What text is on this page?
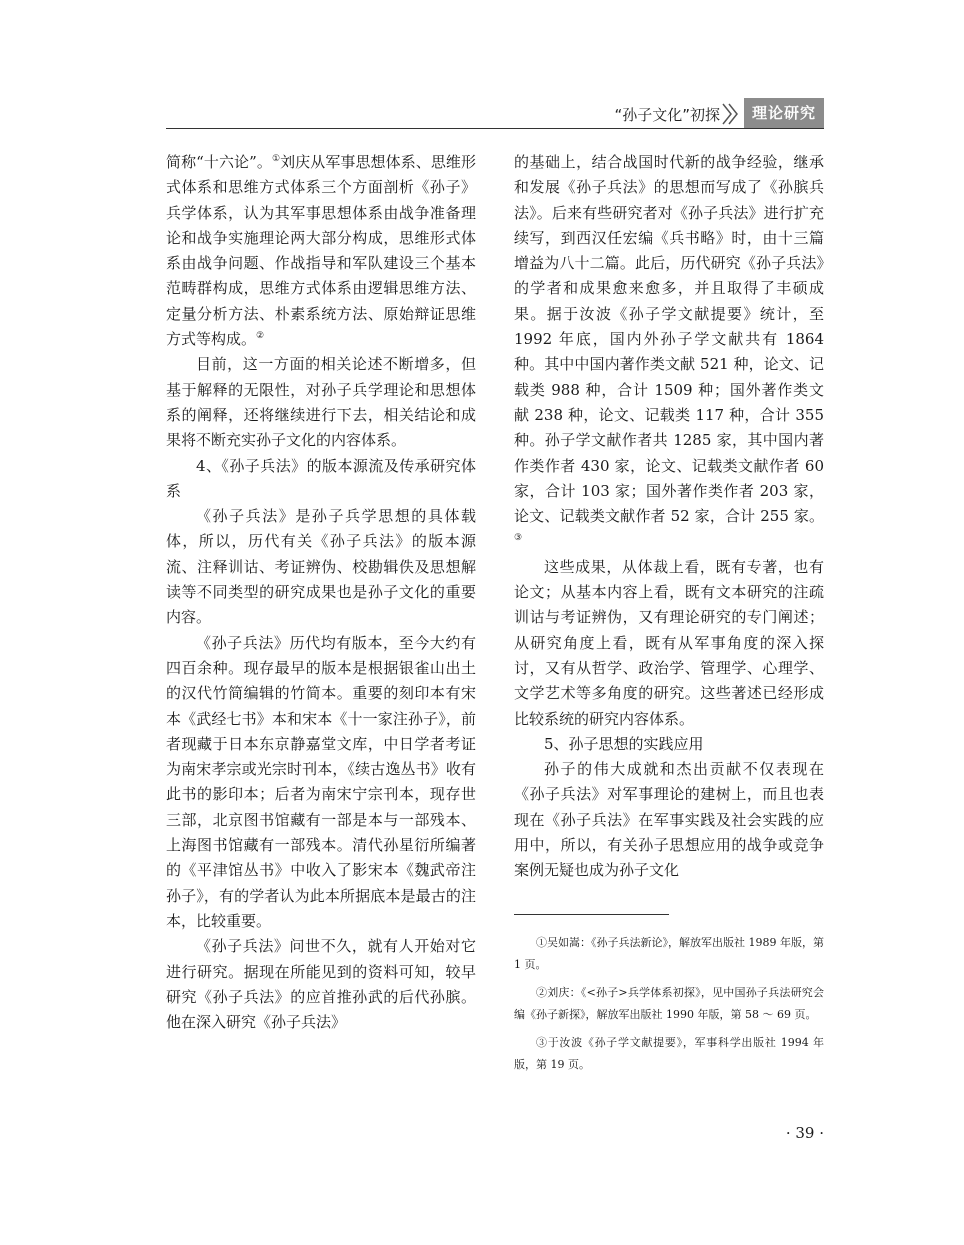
“孙子文化”初探	理论研究

简称“十六论”。①刘庆从军事思想体系、思维形式体系和思维方式体系三个方面剖析《孙子》兵学体系，认为其军事思想体系由战争准备理论和战争实施理论两大部分构成，思维形式体系由战争问题、作战指导和军队建设三个基本范畴群构成，思维方式体系由逻辑思维方法、定量分析方法、朴素系统方法、原始辩证思维方式等构成。②

目前，这一方面的相关论述不断增多，但基于解释的无限性，对孙子兵学理论和思想体系的阐释，还将继续进行下去，相关结论和成果将不断充实孙子文化的内容体系。

4、《孙子兵法》的版本源流及传承研究体系

《孙子兵法》是孙子兵学思想的具体载体，所以，历代有关《孙子兵法》的版本源流、注释训诂、考证辨伪、校勘辑佚及思想解读等不同类型的研究成果也是孙子文化的重要内容。

《孙子兵法》历代均有版本，至今大约有四百余种。现存最早的版本是根据银雀山出土的汉代竹简编辑的竹简本。重要的刻印本有宋本《武经七书》本和宋本《十一家注孙子》，前者现藏于日本东京静嘉堂文库，中日学者考证为南宋孝宗或光宗时刊本，《续古逸丛书》收有此书的影印本；后者为南宋宁宗刊本，现存世三部，北京图书馆藏有一部是本与一部残本、上海图书馆藏有一部残本。清代孙星衍所编著的《平津馆丛书》中收入了影宋本《魏武帝注孙子》，有的学者认为此本所据底本是最古的注本，比较重要。

《孙子兵法》问世不久，就有人开始对它进行研究。据现在所能见到的资料可知，较早研究《孙子兵法》的应首推孙武的后代孙膑。他在深入研究《孙子兵法》

的基础上，结合战国时代新的战争经验，继承和发展《孙子兵法》的思想而写成了《孙膑兵法》。后来有些研究者对《孙子兵法》进行扩充续写，到西汉任宏编《兵书略》时，由十三篇增益为八十二篇。此后，历代研究《孙子兵法》的学者和成果愈来愈多，并且取得了丰硕成果。据于汝波《孙子学文献提要》统计，至 1992 年底，国内外孙子学文献共有 1864 种。其中中国内著作类文献 521 种，论文、记载类 988 种，合计 1509 种；国外著作类文献 238 种，论文、记载类 117 种，合计 355 种。孙子学文献作者共 1285 家，其中国内著作类作者 430 家，论文、记载类文献作者 60 家，合计 103 家；国外著作类作者 203 家，论文、记载类文献作者 52 家，合计 255 家。③

这些成果，从体裁上看，既有专著，也有论文；从基本内容上看，既有文本研究的注疏训诂与考证辨伪，又有理论研究的专门阐述；从研究角度上看，既有从军事角度的深入探讨，又有从哲学、政治学、管理学、心理学、文学艺术等多角度的研究。这些著述已经形成比较系统的研究内容体系。

5、孙子思想的实践应用

孙子的伟大成就和杰出贡献不仅表现在《孙子兵法》对军事理论的建树上，而且也表现在《孙子兵法》在军事实践及社会实践的应用中，所以，有关孙子思想应用的战争或竞争案例无疑也成为孙子文化

①吴如嵩：《孙子兵法新论》，解放军出版社 1989 年版，第 1 页。

②刘庆：《<孙子>兵学体系初探》，见中国孙子兵法研究会编《孙子新探》，解放军出版社 1990 年版，第 58 ～ 69 页。

③于汝波《孙子学文献提要》，军事科学出版社 1994 年版，第 19 页。

· 39 ·
